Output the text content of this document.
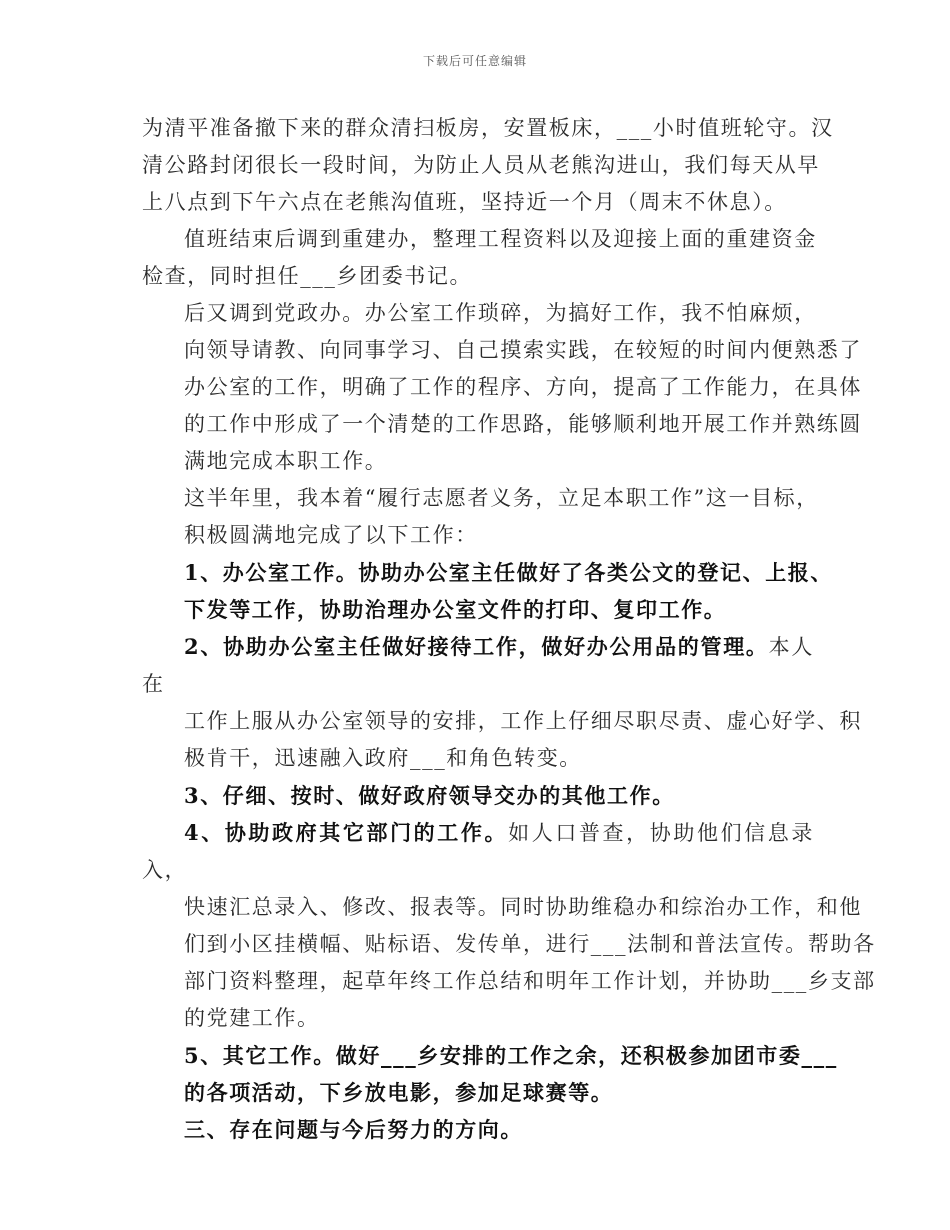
下载后可任意编辑

为清平准备撤下来的群众清扫板房，安置板床，___小时值班轮守。汉
清公路封闭很长一段时间，为防止人员从老熊沟进山，我们每天从早
上八点到下午六点在老熊沟值班，坚持近一个月（周末不休息）。

值班结束后调到重建办，整理工程资料以及迎接上面的重建资金
检查，同时担任___乡团委书记。

后又调到党政办。办公室工作琐碎，为搞好工作，我不怕麻烦，
向领导请教、向同事学习、自己摸索实践，在较短的时间内便熟悉了
办公室的工作，明确了工作的程序、方向，提高了工作能力，在具体
的工作中形成了一个清楚的工作思路，能够顺利地开展工作并熟练圆
满地完成本职工作。

这半年里，我本着“履行志愿者义务，立足本职工作”这一目标，
积极圆满地完成了以下工作：

1、办公室工作。协助办公室主任做好了各类公文的登记、上报、
下发等工作，协助治理办公室文件的打印、复印工作。

2、协助办公室主任做好接待工作，做好办公用品的管理。本人在
工作上服从办公室领导的安排，工作上仔细尽职尽责、虚心好学、积
极肯干，迅速融入政府___和角色转变。

3、仔细、按时、做好政府领导交办的其他工作。

4、协助政府其它部门的工作。如人口普查，协助他们信息录入，
快速汇总录入、修改、报表等。同时协助维稳办和综治办工作，和他
们到小区挂横幅、贴标语、发传单，进行___法制和普法宣传。帮助各
部门资料整理，起草年终工作总结和明年工作计划，并协助___乡支部
的党建工作。

5、其它工作。做好___乡安排的工作之余，还积极参加团市委___
的各项活动，下乡放电影，参加足球赛等。

三、存在问题与今后努力的方向。
